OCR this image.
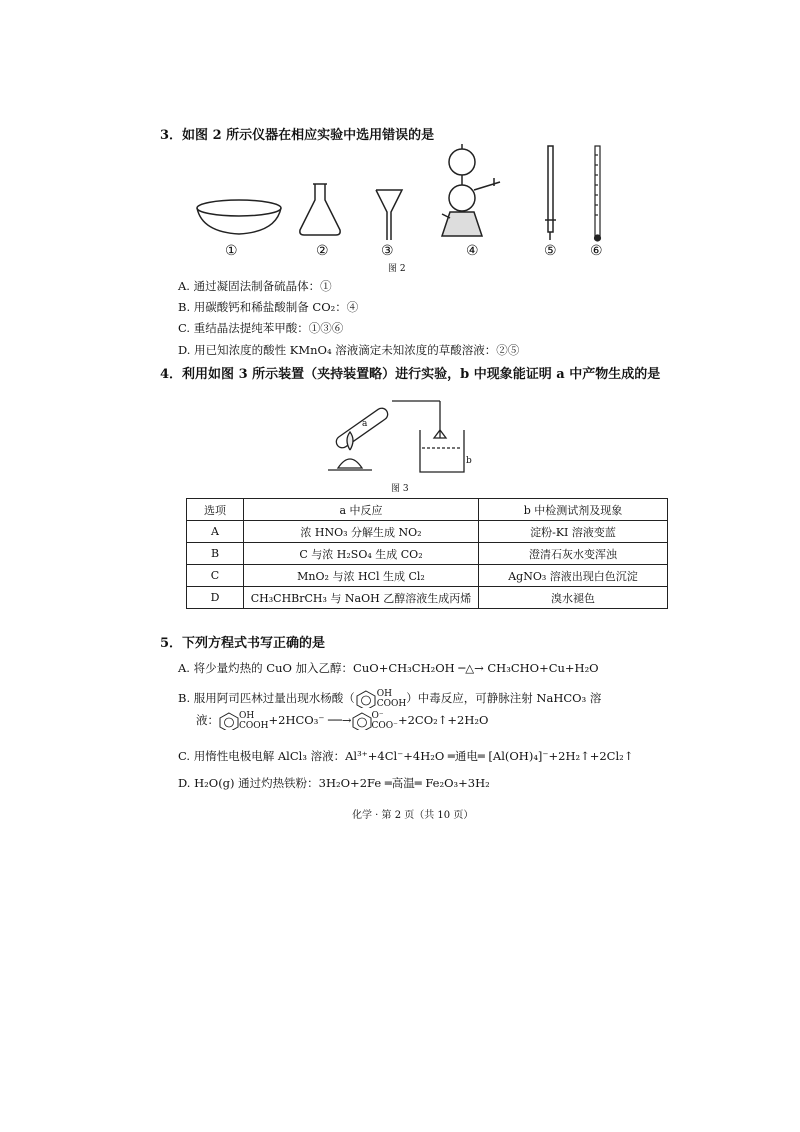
3．如图 2 所示仪器在相应实验中选用错误的是
①	②	③	④	⑤ ⑥
图 2
A. 通过凝固法制备硫晶体：①
B. 用碳酸钙和稀盐酸制备 CO₂：④
C. 重结晶法提纯苯甲酸：①③⑥
D. 用已知浓度的酸性 KMnO₄ 溶液滴定未知浓度的草酸溶液：②⑤
4．利用如图 3 所示装置（夹持装置略）进行实验，b 中现象能证明 a 中产物生成的是
a
b
图 3
选项	a 中反应	b 中检测试剂及现象
A	浓 HNO₃ 分解生成 NO₂	淀粉-KI 溶液变蓝
B	C 与浓 H₂SO₄ 生成 CO₂	澄清石灰水变浑浊
C	MnO₂ 与浓 HCl 生成 Cl₂	AgNO₃ 溶液出现白色沉淀
D	CH₃CHBrCH₃ 与 NaOH 乙醇溶液生成丙烯	溴水褪色
5．下列方程式书写正确的是
A. 将少量灼热的 CuO 加入乙醇：CuO+CH₃CH₂OH ─△→ CH₃CHO+Cu+H₂O
B. 服用阿司匹林过量出现水杨酸（ OH
COOH）中毒反应，可静脉注射 NaHCO₃ 溶
液： OH
COOH+2HCO₃⁻ ──→ O⁻
COO⁻+2CO₂↑+2H₂O
C. 用惰性电极电解 AlCl₃ 溶液：Al³⁺+4Cl⁻+4H₂O ═通电═ [Al(OH)₄]⁻+2H₂↑+2Cl₂↑
D. H₂O(g) 通过灼热铁粉：3H₂O+2Fe ═高温═ Fe₂O₃+3H₂
化学 · 第 2 页（共 10 页）
